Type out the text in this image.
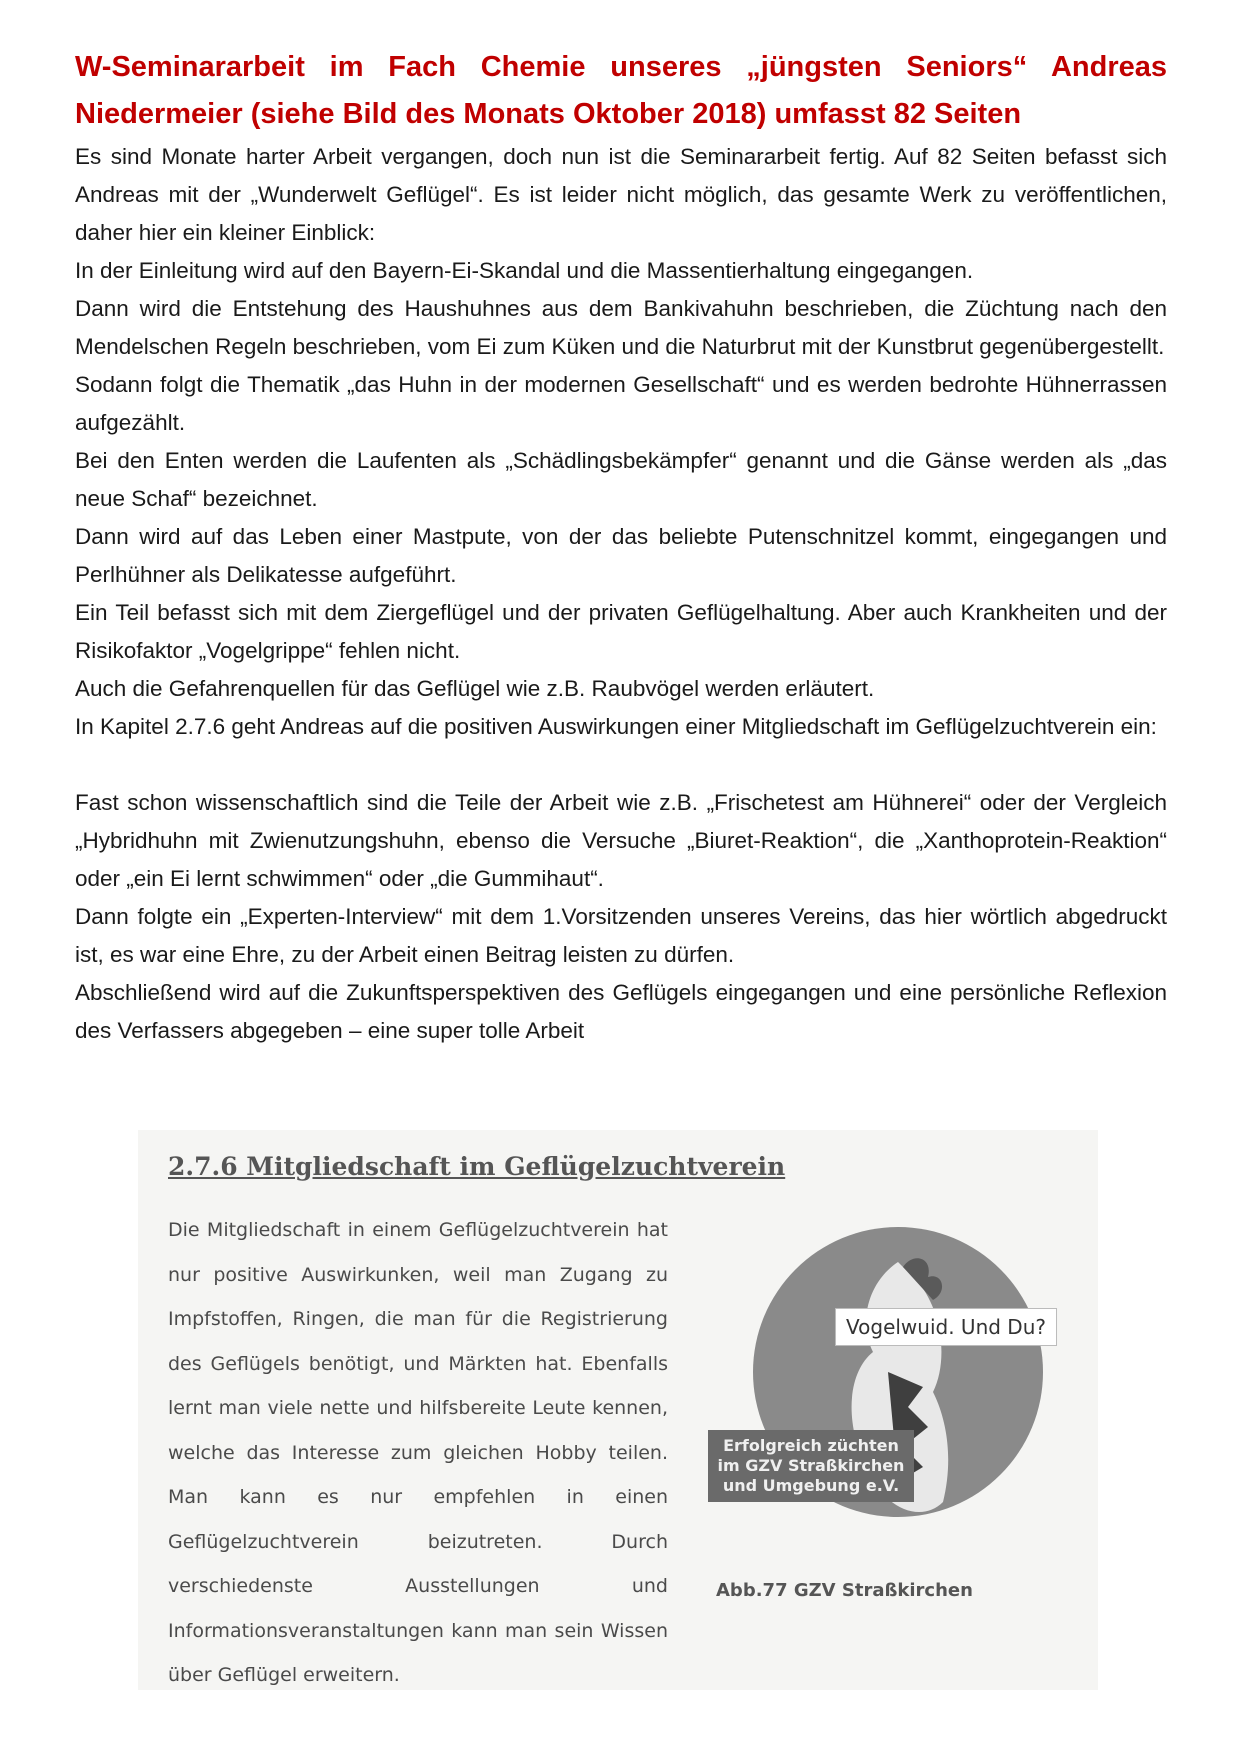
W-Seminararbeit im Fach Chemie unseres „jüngsten Seniors“ Andreas Niedermeier (siehe Bild des Monats Oktober 2018) umfasst 82 Seiten

Es sind Monate harter Arbeit vergangen, doch nun ist die Seminararbeit fertig. Auf 82 Seiten befasst sich Andreas mit der „Wunderwelt Geflügel“. Es ist leider nicht möglich, das gesamte Werk zu veröffentlichen, daher hier ein kleiner Einblick:

In der Einleitung wird auf den Bayern-Ei-Skandal und die Massentierhaltung eingegangen.

Dann wird die Entstehung des Haushuhnes aus dem Bankivahuhn beschrieben, die Züchtung nach den Mendelschen Regeln beschrieben, vom Ei zum Küken und die Naturbrut mit der Kunstbrut gegenübergestellt.

Sodann folgt die Thematik „das Huhn in der modernen Gesellschaft“ und es werden bedrohte Hühnerrassen aufgezählt.

Bei den Enten werden die Laufenten als „Schädlingsbekämpfer“ genannt und die Gänse werden als „das neue Schaf“ bezeichnet.

Dann wird auf das Leben einer Mastpute, von der das beliebte Putenschnitzel kommt, eingegangen und Perlhühner als Delikatesse aufgeführt.

Ein Teil befasst sich mit dem Ziergeflügel und der privaten Geflügelhaltung. Aber auch Krankheiten und der Risikofaktor „Vogelgrippe“ fehlen nicht.

Auch die Gefahrenquellen für das Geflügel wie z.B. Raubvögel werden erläutert.

In Kapitel 2.7.6 geht Andreas auf die positiven Auswirkungen einer Mitgliedschaft im Geflügelzuchtverein ein:

Fast schon wissenschaftlich sind die Teile der Arbeit wie z.B. „Frischetest am Hühnerei“ oder der Vergleich „Hybridhuhn mit Zwienutzungshuhn, ebenso die Versuche „Biuret-Reaktion“, die „Xanthoprotein-Reaktion“ oder „ein Ei lernt schwimmen“ oder „die Gummihaut“.

Dann folgte ein „Experten-Interview“ mit dem 1.Vorsitzenden unseres Vereins, das hier wörtlich abgedruckt ist, es war eine Ehre, zu der Arbeit einen Beitrag leisten zu dürfen.

Abschließend wird auf die Zukunftsperspektiven des Geflügels eingegangen und eine persönliche Reflexion des Verfassers abgegeben – eine super tolle Arbeit

2.7.6 Mitgliedschaft im Geflügelzuchtverein

Die Mitgliedschaft in einem Geflügelzuchtverein hat

nur positive Auswirkunken, weil man Zugang zu

Impfstoffen, Ringen, die man für die Registrierung

des Geflügels benötigt, und Märkten hat. Ebenfalls

lernt man viele nette und hilfsbereite Leute kennen,

welche das Interesse zum gleichen Hobby teilen.

Man kann es nur empfehlen in einen

Geflügelzuchtverein beizutreten. Durch

verschiedenste Ausstellungen und

Informationsveranstaltungen kann man sein Wissen

über Geflügel erweitern.

Vogelwuid. Und Du?
Erfolgreich züchten
im GZV Straßkirchen
und Umgebung e.V.

Abb.77 GZV Straßkirchen
